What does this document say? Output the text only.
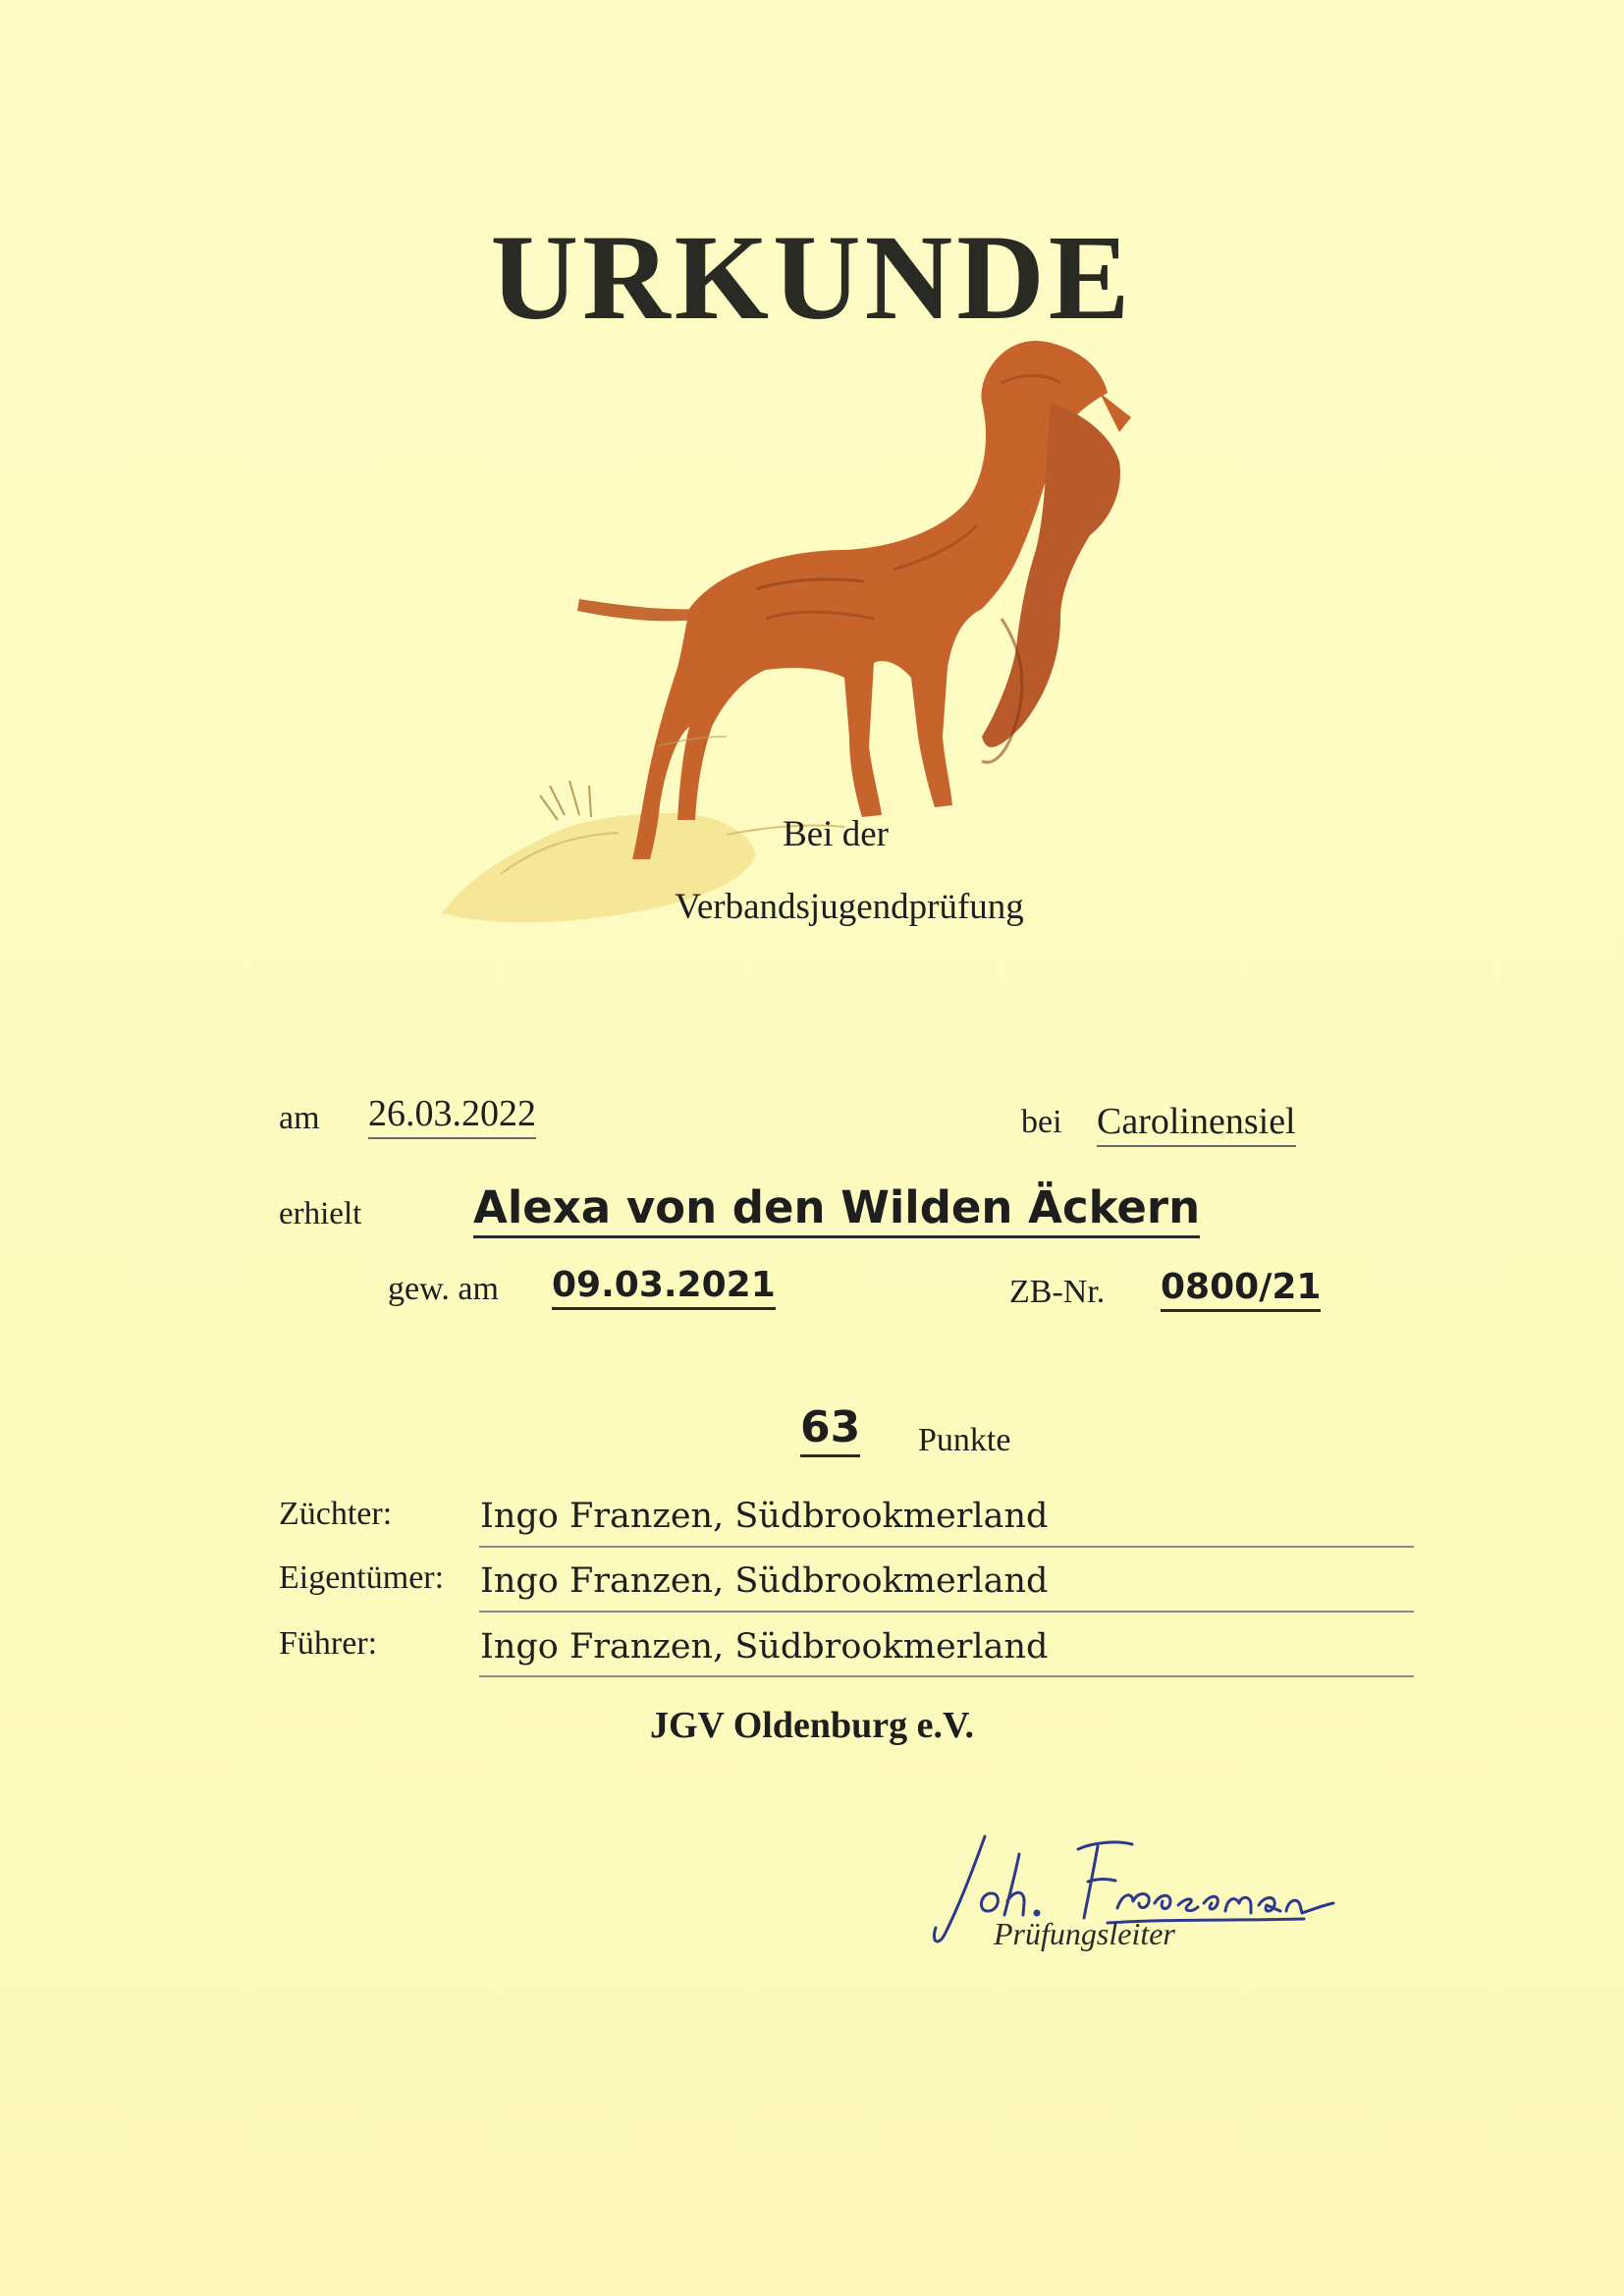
URKUNDE
Bei der
Verbandsjugendprüfung
am 26.03.2022	bei Carolinensiel
erhielt	Alexa von den Wilden Äckern
gew. am 09.03.2021	ZB-Nr. 0800/21
63 Punkte
Züchter:	Ingo Franzen, Südbrookmerland
Eigentümer: Ingo Franzen, Südbrookmerland
Führer:	Ingo Franzen, Südbrookmerland
JGV Oldenburg e.V.
Prüfungsleiter
